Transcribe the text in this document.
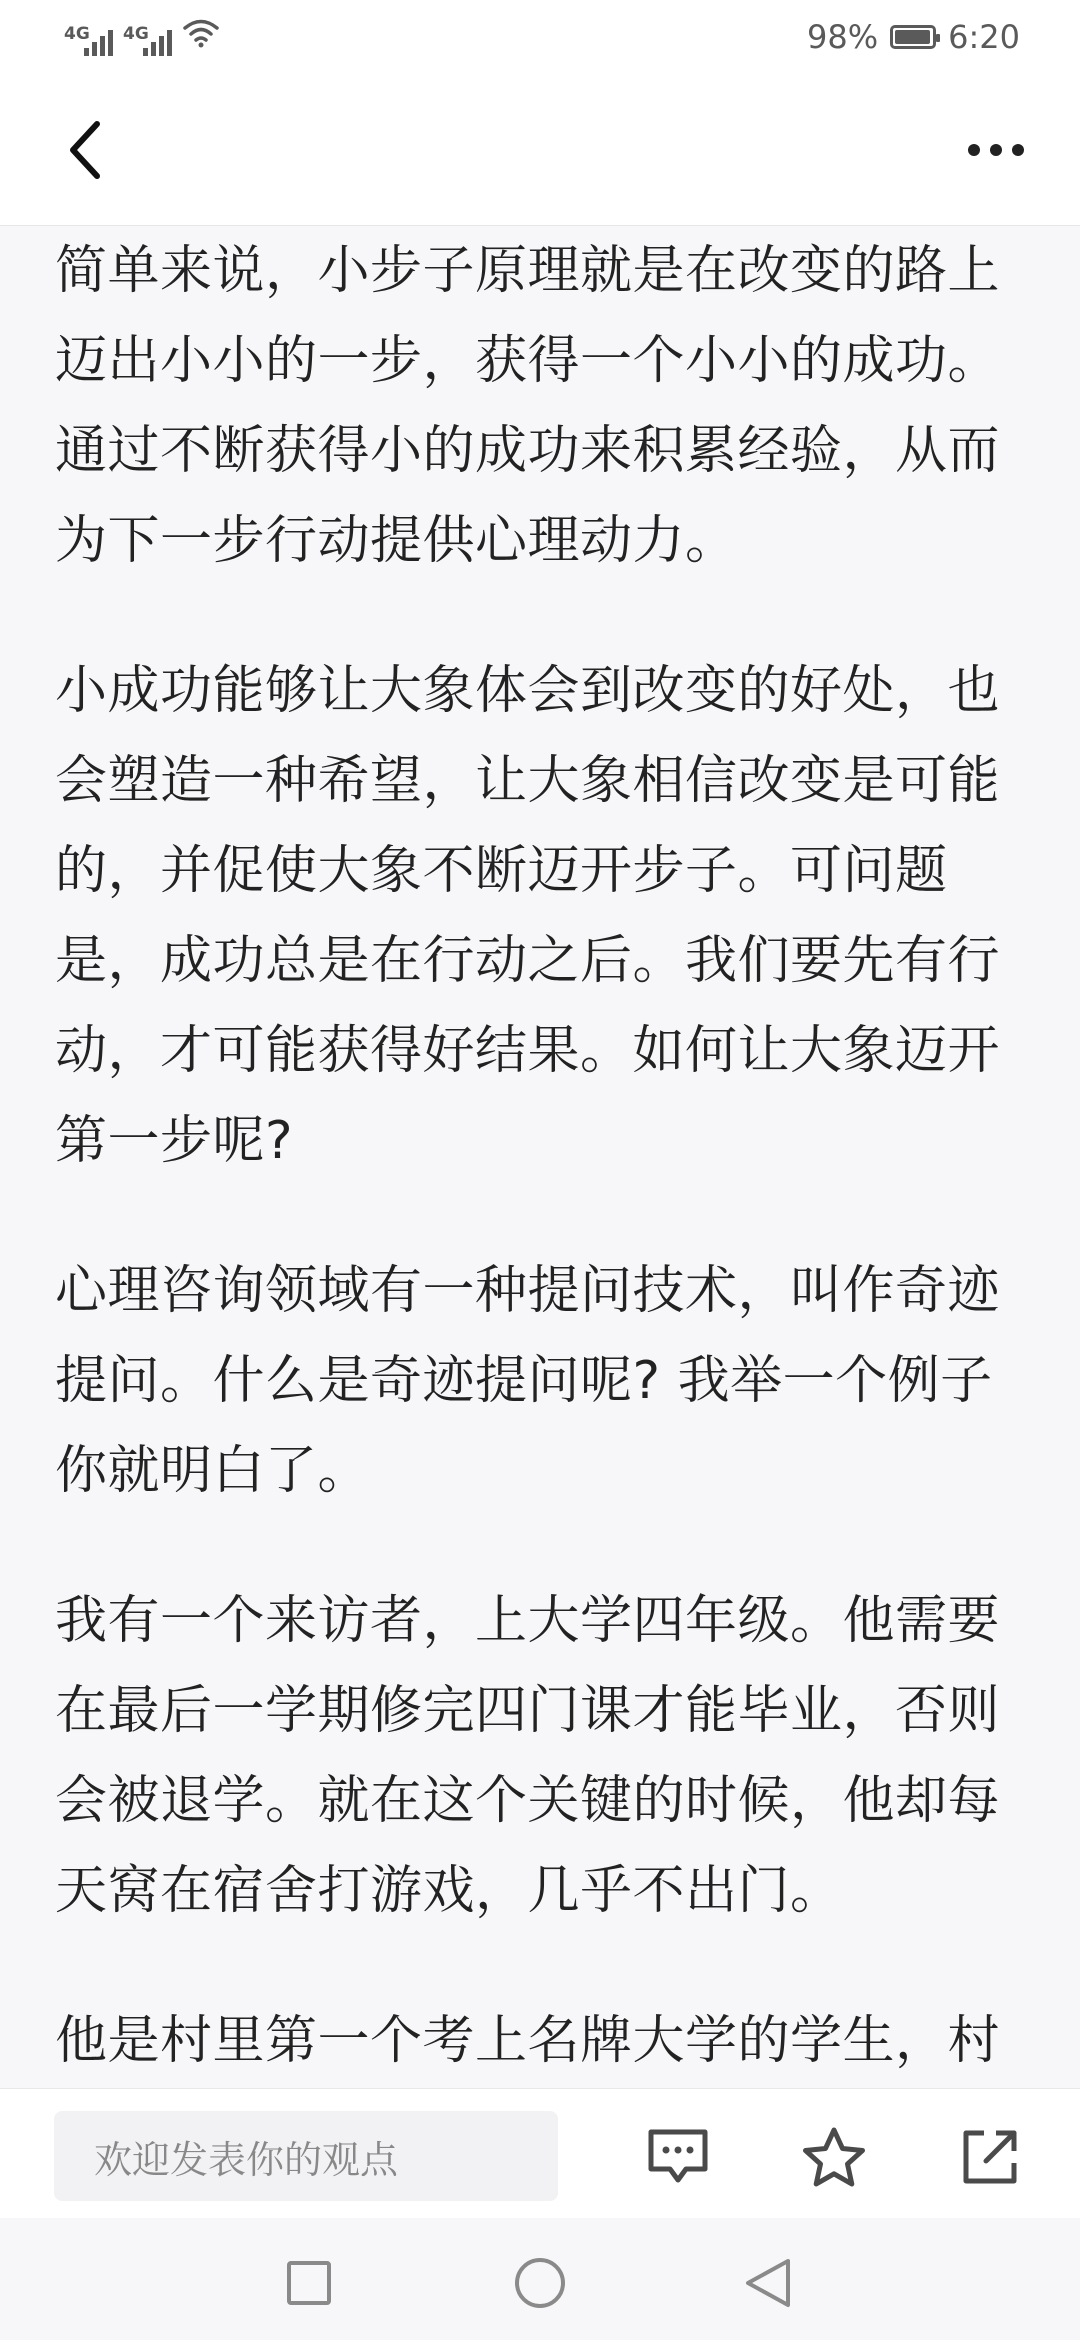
4G 4G	98% 6:20

简单来说，小步子原理就是在改变的路上迈出小小的一步，获得一个小小的成功。通过不断获得小的成功来积累经验，从而为下一步行动提供心理动力。

小成功能够让大象体会到改变的好处，也会塑造一种希望，让大象相信改变是可能的，并促使大象不断迈开步子。可问题是，成功总是在行动之后。我们要先有行动，才可能获得好结果。如何让大象迈开第一步呢?

心理咨询领域有一种提问技术，叫作奇迹提问。什么是奇迹提问呢? 我举一个例子你就明白了。

我有一个来访者，上大学四年级。他需要在最后一学期修完四门课才能毕业，否则会被退学。就在这个关键的时候，他却每天窝在宿舍打游戏，几乎不出门。

他是村里第一个考上名牌大学的学生，村

欢迎发表你的观点
